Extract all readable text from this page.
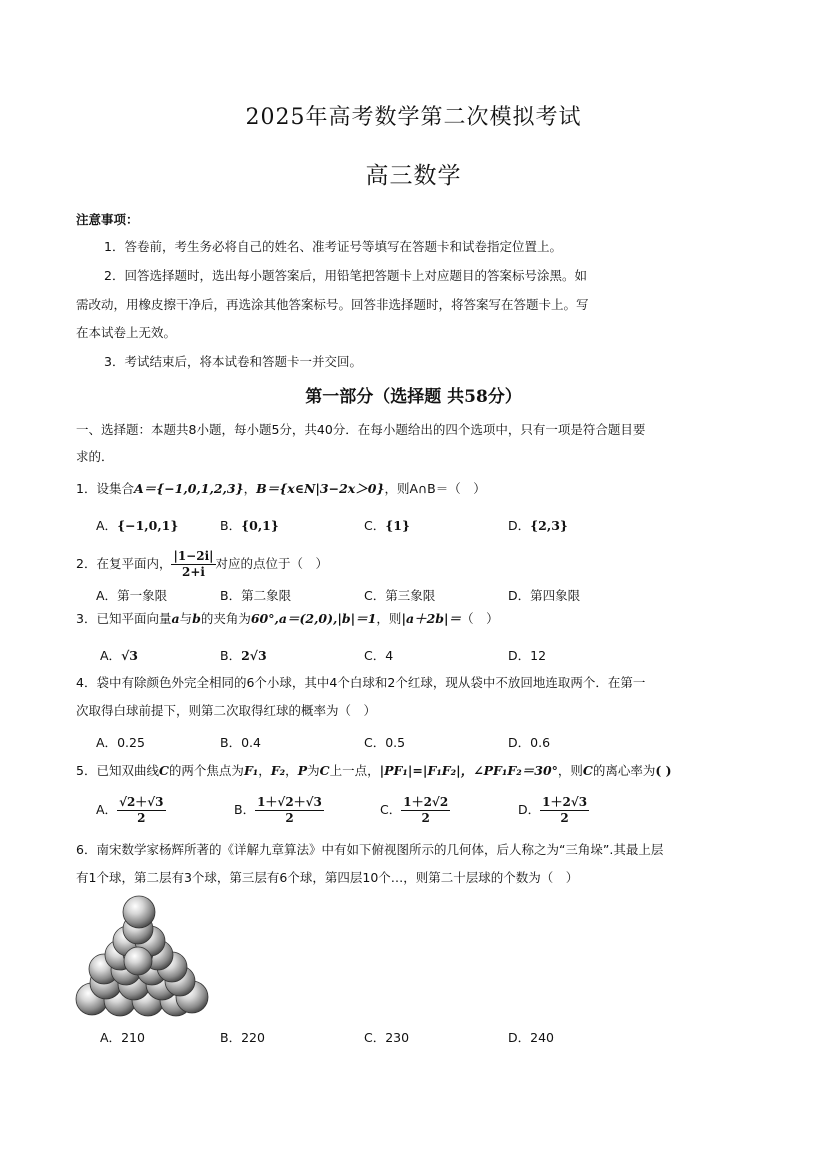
2025年高考数学第二次模拟考试
高三数学
注意事项：
1．答卷前，考生务必将自己的姓名、准考证号等填写在答题卡和试卷指定位置上。
2．回答选择题时，选出每小题答案后，用铅笔把答题卡上对应题目的答案标号涂黑。如
需改动，用橡皮擦干净后，再选涂其他答案标号。回答非选择题时，将答案写在答题卡上。写
在本试卷上无效。
3．考试结束后，将本试卷和答题卡一并交回。
第一部分（选择题 共58分）
一、选择题：本题共8小题，每小题5分，共40分．在每小题给出的四个选项中，只有一项是符合题目要
求的．
1．设集合A＝{−1,0,1,2,3}，B＝{x∈N|3−2x＞0}，则A∩B＝（　）
A．{−1,0,1}	B．{0,1}	C．{1}	D．{2,3}
2．在复平面内， $\frac{|1-2i|}{2+i}$ 对应的点位于（　）
A．第一象限	B．第二象限	C．第三象限	D．第四象限
3．已知平面向量a与b的夹角为60°,a＝(2,0),|b|＝1，则|a＋2b|＝（　）
A．√3	B．2√3	C．4	D．12
4．袋中有除颜色外完全相同的6个小球，其中4个白球和2个红球，现从袋中不放回地连取两个．在第一
次取得白球前提下，则第二次取得红球的概率为（　）
A．0.25	B．0.4	C．0.5	D．0.6
5．已知双曲线C的两个焦点为F₁，F₂，P为C上一点，|PF₁|=|F₁F₂|，∠PF₁F₂＝30°，则C的离心率为( )
A． $\frac{√2+√3}{2}$	B． $\frac{1+√2+√3}{2}$	C． $\frac{1+2√2}{2}$	D． $\frac{1+2√3}{2}$
6．南宋数学家杨辉所著的《详解九章算法》中有如下俯视图所示的几何体，后人称之为“三角垛”.其最上层
有1个球，第二层有3个球，第三层有6个球，第四层10个…，则第二十层球的个数为（　）
A．210	B．220	C．230	D．240
